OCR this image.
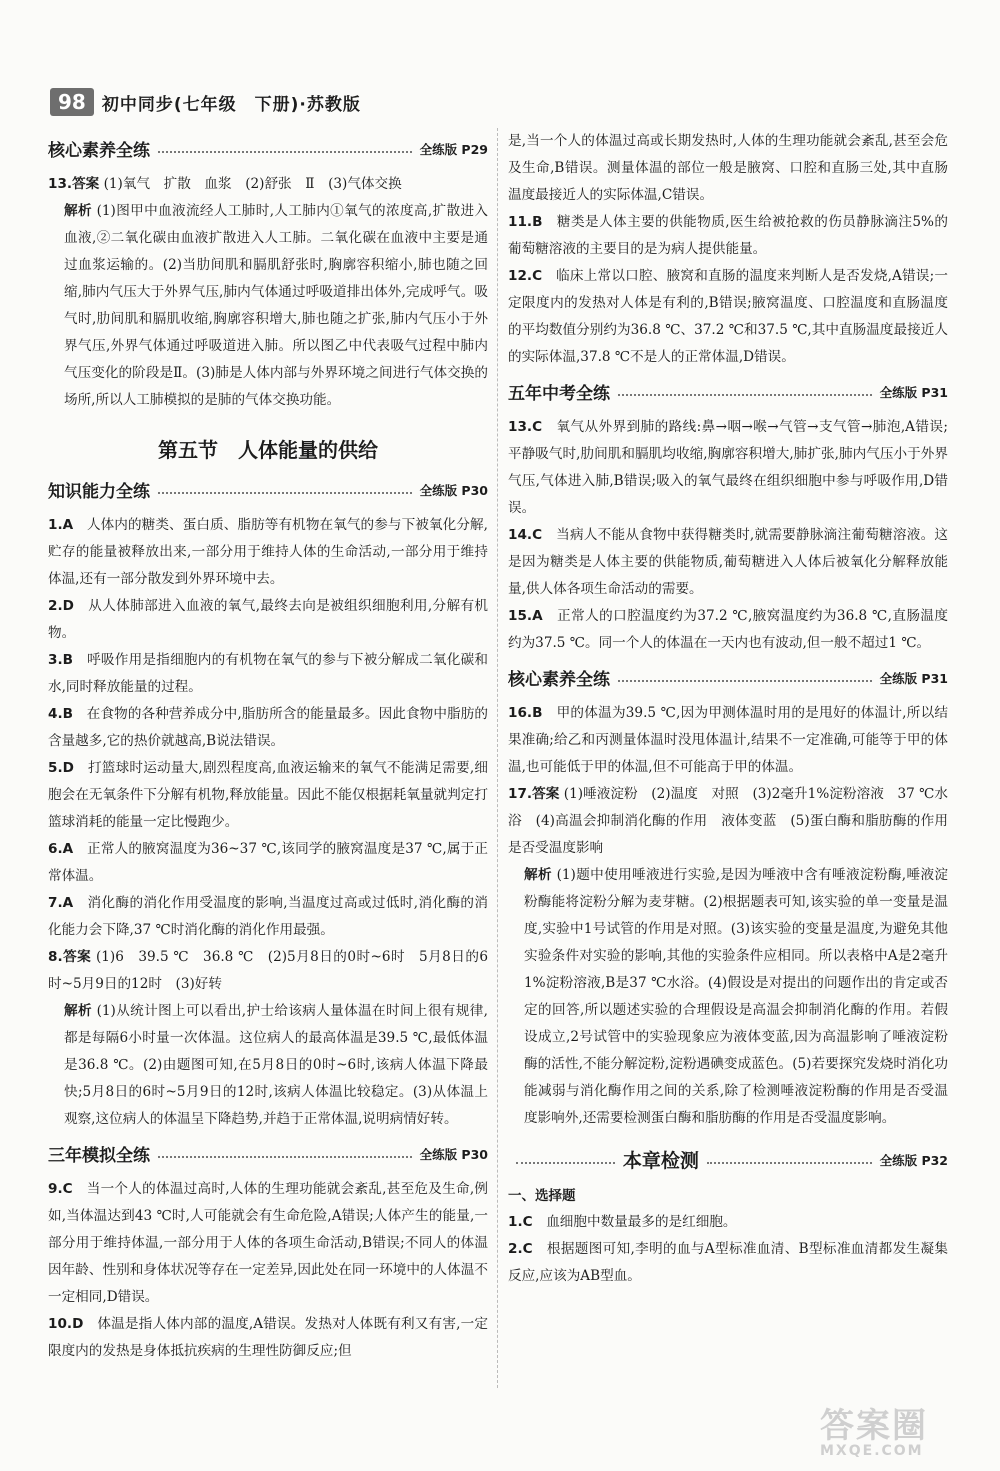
98 初中同步(七年级　下册)·苏教版
核心素养全练	全练版 P29
13.答案 (1)氧气　扩散　血浆　(2)舒张　Ⅱ　(3)气体交换
解析 (1)图甲中血液流经人工肺时,人工肺内①氧气的浓度高,扩散进入血液,②二氧化碳由血液扩散进入人工肺。二氧化碳在血液中主要是通过血浆运输的。(2)当肋间肌和膈肌舒张时,胸廓容积缩小,肺也随之回缩,肺内气压大于外界气压,肺内气体通过呼吸道排出体外,完成呼气。吸气时,肋间肌和膈肌收缩,胸廓容积增大,肺也随之扩张,肺内气压小于外界气压,外界气体通过呼吸道进入肺。所以图乙中代表吸气过程中肺内气压变化的阶段是Ⅱ。(3)肺是人体内部与外界环境之间进行气体交换的场所,所以人工肺模拟的是肺的气体交换功能。
第五节 人体能量的供给
知识能力全练	全练版 P30
1.A　 人体内的糖类、蛋白质、脂肪等有机物在氧气的参与下被氧化分解,贮存的能量被释放出来,一部分用于维持人体的生命活动,一部分用于维持体温,还有一部分散发到外界环境中去。
2.D　 从人体肺部进入血液的氧气,最终去向是被组织细胞利用,分解有机物。
3.B　 呼吸作用是指细胞内的有机物在氧气的参与下被分解成二氧化碳和水,同时释放能量的过程。
4.B　 在食物的各种营养成分中,脂肪所含的能量最多。因此食物中脂肪的含量越多,它的热价就越高,B说法错误。
5.D　 打篮球时运动量大,剧烈程度高,血液运输来的氧气不能满足需要,细胞会在无氧条件下分解有机物,释放能量。因此不能仅根据耗氧量就判定打篮球消耗的能量一定比慢跑少。
6.A　 正常人的腋窝温度为36~37 ℃,该同学的腋窝温度是37 ℃,属于正常体温。
7.A　 消化酶的消化作用受温度的影响,当温度过高或过低时,消化酶的消化能力会下降,37 ℃时消化酶的消化作用最强。
8.答案 (1)6　39.5 ℃　36.8 ℃　(2)5月8日的0时~6时　5月8日的6时~5月9日的12时　(3)好转
解析 (1)从统计图上可以看出,护士给该病人量体温在时间上很有规律,都是每隔6小时量一次体温。这位病人的最高体温是39.5 ℃,最低体温是36.8 ℃。(2)由题图可知,在5月8日的0时~6时,该病人体温下降最快;5月8日的6时~5月9日的12时,该病人体温比较稳定。(3)从体温上观察,这位病人的体温呈下降趋势,并趋于正常体温,说明病情好转。
三年模拟全练	全练版 P30
9.C　 当一个人的体温过高时,人体的生理功能就会紊乱,甚至危及生命,例如,当体温达到43 ℃时,人可能就会有生命危险,A错误;人体产生的能量,一部分用于维持体温,一部分用于人体的各项生命活动,B错误;不同人的体温因年龄、性别和身体状况等存在一定差异,因此处在同一环境中的人体温不一定相同,D错误。
10.D　 体温是指人体内部的温度,A错误。发热对人体既有利又有害,一定限度内的发热是身体抵抗疾病的生理性防御反应;但
是,当一个人的体温过高或长期发热时,人体的生理功能就会紊乱,甚至会危及生命,B错误。测量体温的部位一般是腋窝、口腔和直肠三处,其中直肠温度最接近人的实际体温,C错误。
11.B　 糖类是人体主要的供能物质,医生给被抢救的伤员静脉滴注5%的葡萄糖溶液的主要目的是为病人提供能量。
12.C　 临床上常以口腔、腋窝和直肠的温度来判断人是否发烧,A错误;一定限度内的发热对人体是有利的,B错误;腋窝温度、口腔温度和直肠温度的平均数值分别约为36.8 ℃、37.2 ℃和37.5 ℃,其中直肠温度最接近人的实际体温,37.8 ℃不是人的正常体温,D错误。
五年中考全练	全练版 P31
13.C　 氧气从外界到肺的路线:鼻→咽→喉→气管→支气管→肺泡,A错误;平静吸气时,肋间肌和膈肌均收缩,胸廓容积增大,肺扩张,肺内气压小于外界气压,气体进入肺,B错误;吸入的氧气最终在组织细胞中参与呼吸作用,D错误。
14.C　 当病人不能从食物中获得糖类时,就需要静脉滴注葡萄糖溶液。这是因为糖类是人体主要的供能物质,葡萄糖进入人体后被氧化分解释放能量,供人体各项生命活动的需要。
15.A　 正常人的口腔温度约为37.2 ℃,腋窝温度约为36.8 ℃,直肠温度约为37.5 ℃。同一个人的体温在一天内也有波动,但一般不超过1 ℃。
核心素养全练	全练版 P31
16.B　 甲的体温为39.5 ℃,因为甲测体温时用的是甩好的体温计,所以结果准确;给乙和丙测量体温时没甩体温计,结果不一定准确,可能等于甲的体温,也可能低于甲的体温,但不可能高于甲的体温。
17.答案 (1)唾液淀粉　(2)温度　对照　(3)2毫升1%淀粉溶液　37 ℃水浴　(4)高温会抑制消化酶的作用　液体变蓝　(5)蛋白酶和脂肪酶的作用是否受温度影响
解析 (1)题中使用唾液进行实验,是因为唾液中含有唾液淀粉酶,唾液淀粉酶能将淀粉分解为麦芽糖。(2)根据题表可知,该实验的单一变量是温度,实验中1号试管的作用是对照。(3)该实验的变量是温度,为避免其他实验条件对实验的影响,其他的实验条件应相同。所以表格中A是2毫升1%淀粉溶液,B是37 ℃水浴。(4)假设是对提出的问题作出的肯定或否定的回答,所以题述实验的合理假设是高温会抑制消化酶的作用。若假设成立,2号试管中的实验现象应为液体变蓝,因为高温影响了唾液淀粉酶的活性,不能分解淀粉,淀粉遇碘变成蓝色。(5)若要探究发烧时消化功能减弱与消化酶作用之间的关系,除了检测唾液淀粉酶的作用是否受温度影响外,还需要检测蛋白酶和脂肪酶的作用是否受温度影响。
本章检测	全练版 P32
一、选择题
1.C　 血细胞中数量最多的是红细胞。
2.C　 根据题图可知,李明的血与A型标准血清、B型标准血清都发生凝集反应,应该为AB型血。
答案圈
MXQE.COM
